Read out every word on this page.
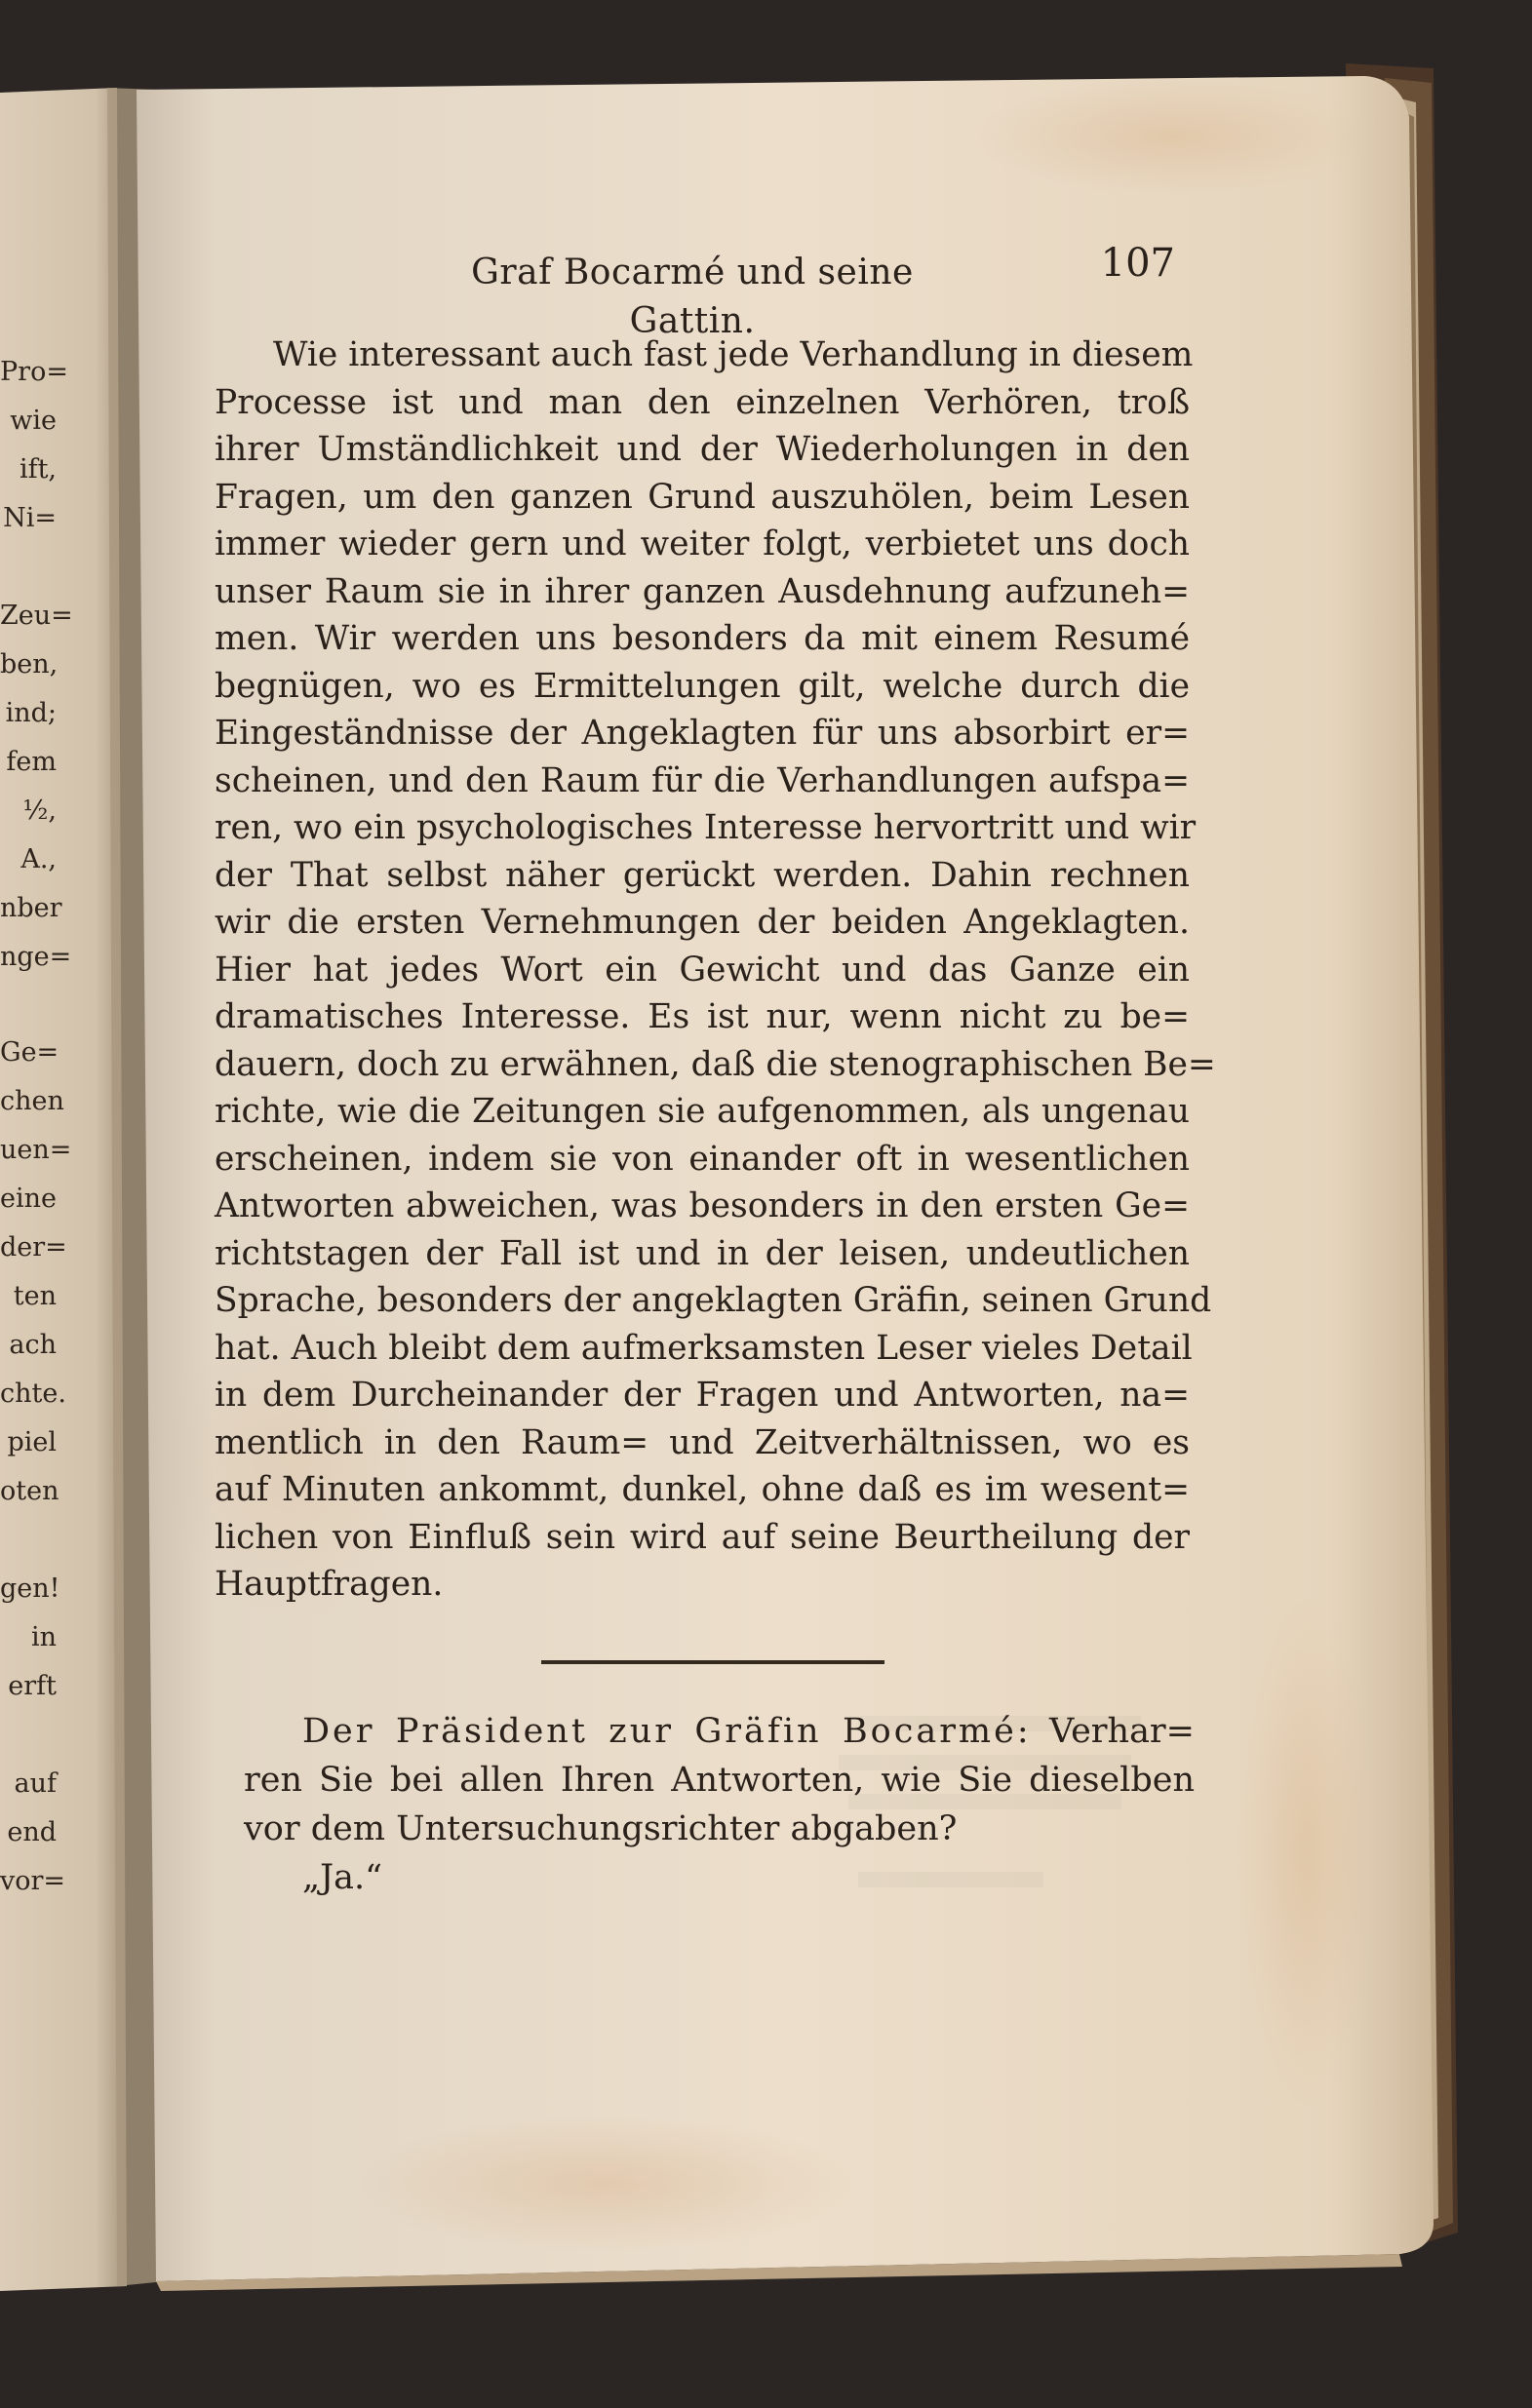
Pro=
wie
ift,
Ni=
Zeu=
ben,
ind;
fem
½,
A.,
nber
nge=
Ge=
chen
uen=
eine
der=
ten
ach
chte.
piel
oten
gen!
in
erft
auf
end
vor=
Graf Bocarmé und seine Gattin.
107
Wie interessant auch fast jede Verhandlung in diesem
Processe ist und man den einzelnen Verhören, troß
ihrer Umständlichkeit und der Wiederholungen in den
Fragen, um den ganzen Grund auszuhölen, beim Lesen
immer wieder gern und weiter folgt, verbietet uns doch
unser Raum sie in ihrer ganzen Ausdehnung aufzuneh=
men. Wir werden uns besonders da mit einem Resumé
begnügen, wo es Ermittelungen gilt, welche durch die
Eingeständnisse der Angeklagten für uns absorbirt er=
scheinen, und den Raum für die Verhandlungen aufspa=
ren, wo ein psychologisches Interesse hervortritt und wir
der That selbst näher gerückt werden. Dahin rechnen
wir die ersten Vernehmungen der beiden Angeklagten.
Hier hat jedes Wort ein Gewicht und das Ganze ein
dramatisches Interesse. Es ist nur, wenn nicht zu be=
dauern, doch zu erwähnen, daß die stenographischen Be=
richte, wie die Zeitungen sie aufgenommen, als ungenau
erscheinen, indem sie von einander oft in wesentlichen
Antworten abweichen, was besonders in den ersten Ge=
richtstagen der Fall ist und in der leisen, undeutlichen
Sprache, besonders der angeklagten Gräfin, seinen Grund
hat. Auch bleibt dem aufmerksamsten Leser vieles Detail
in dem Durcheinander der Fragen und Antworten, na=
mentlich in den Raum= und Zeitverhältnissen, wo es
auf Minuten ankommt, dunkel, ohne daß es im wesent=
lichen von Einfluß sein wird auf seine Beurtheilung der
Hauptfragen.
Der Präsident zur Gräfin Bocarmé: Verhar=
ren Sie bei allen Ihren Antworten, wie Sie dieselben
vor dem Untersuchungsrichter abgaben?
„Ja.“
